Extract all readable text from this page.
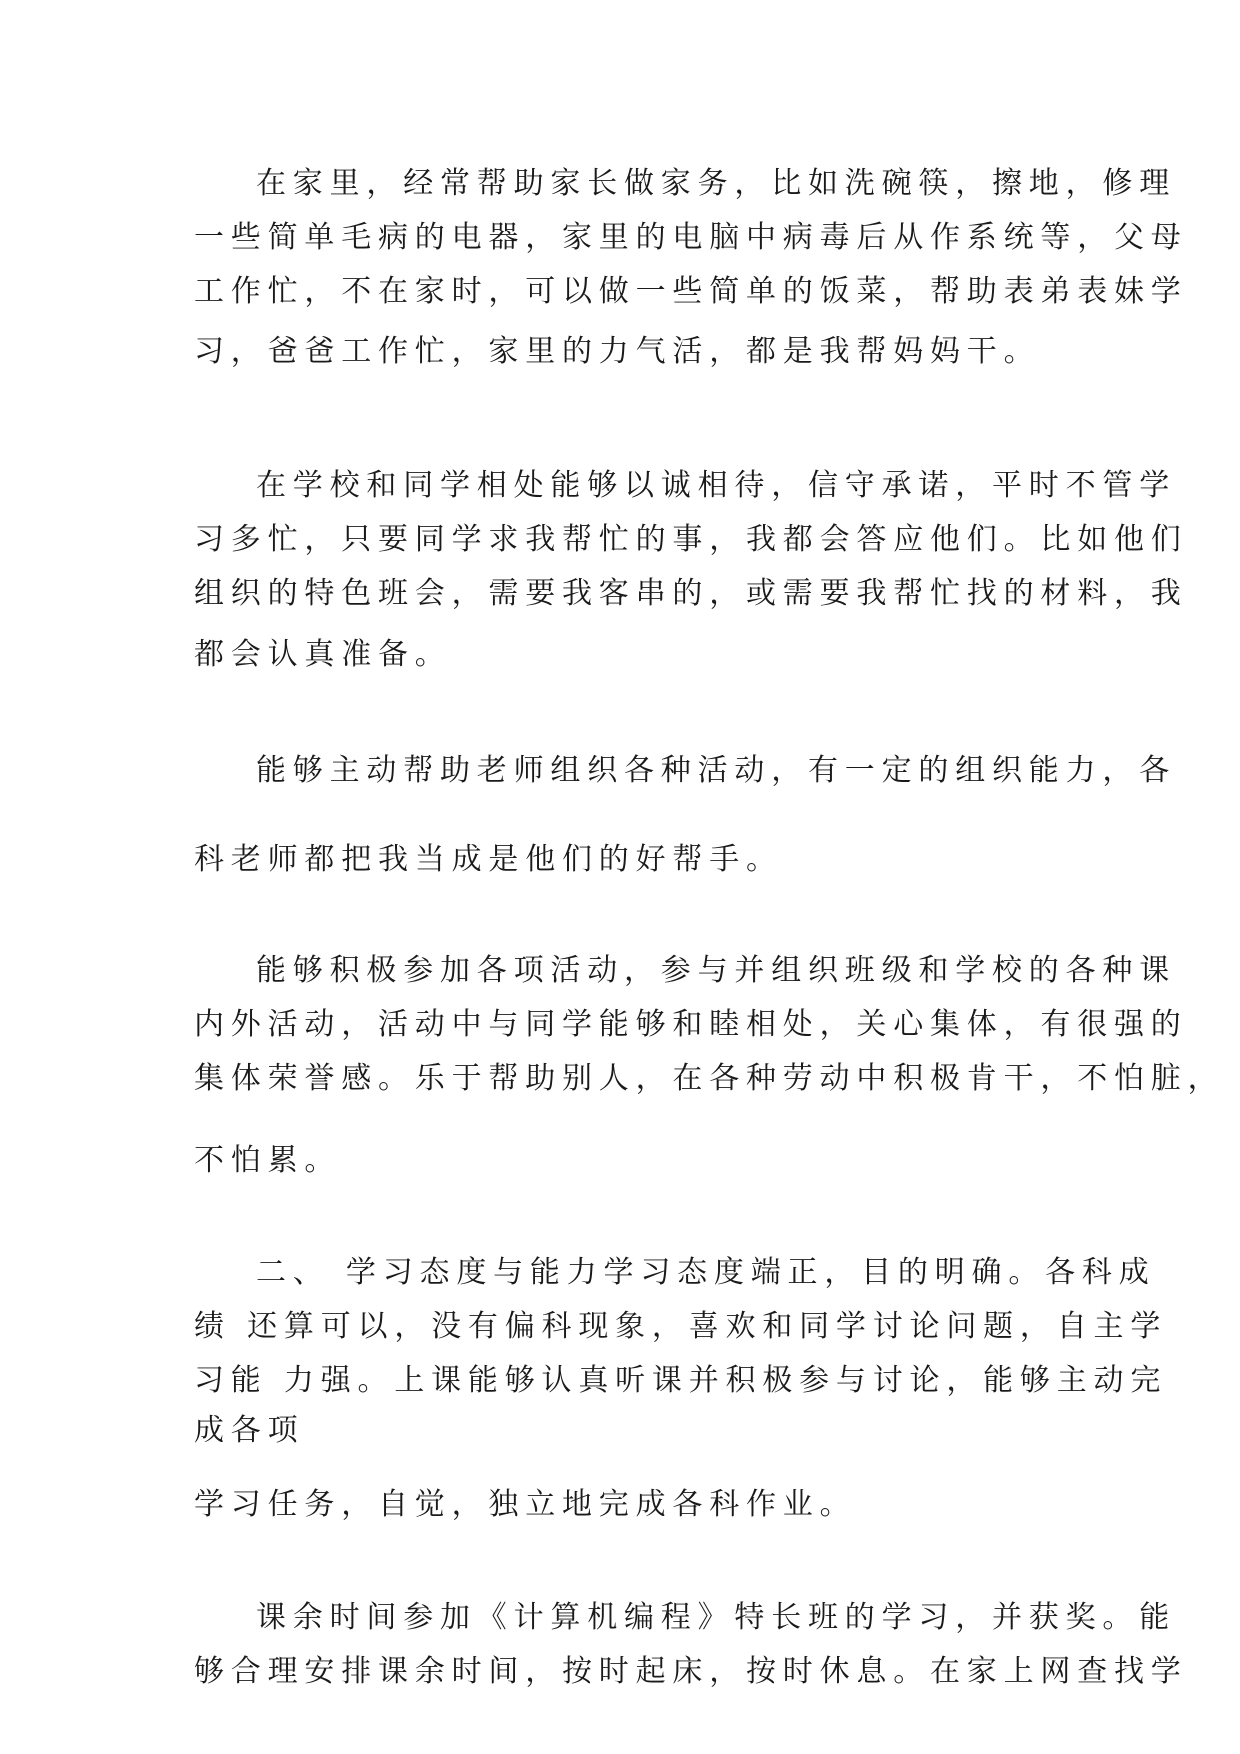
在家里，经常帮助家长做家务，比如洗碗筷，擦地，修理
一些简单毛病的电器，家里的电脑中病毒后从作系统等，父母
工作忙，不在家时，可以做一些简单的饭菜，帮助表弟表妹学
习，爸爸工作忙，家里的力气活，都是我帮妈妈干。
在学校和同学相处能够以诚相待，信守承诺，平时不管学
习多忙，只要同学求我帮忙的事，我都会答应他们。比如他们
组织的特色班会，需要我客串的，或需要我帮忙找的材料，我
都会认真准备。
能够主动帮助老师组织各种活动，有一定的组织能力，各
科老师都把我当成是他们的好帮手。
能够积极参加各项活动，参与并组织班级和学校的各种课
内外活动，活动中与同学能够和睦相处，关心集体，有很强的
集体荣誉感。乐于帮助别人，在各种劳动中积极肯干，不怕脏，
不怕累。
二、 学习态度与能力学习态度端正，目的明确。各科成
绩 还算可以，没有偏科现象，喜欢和同学讨论问题，自主学
习能 力强。上课能够认真听课并积极参与讨论，能够主动完
成各项
学习任务，自觉，独立地完成各科作业。
课余时间参加《计算机编程》特长班的学习，并获奖。能
够合理安排课余时间，按时起床，按时休息。在家上网查找学
